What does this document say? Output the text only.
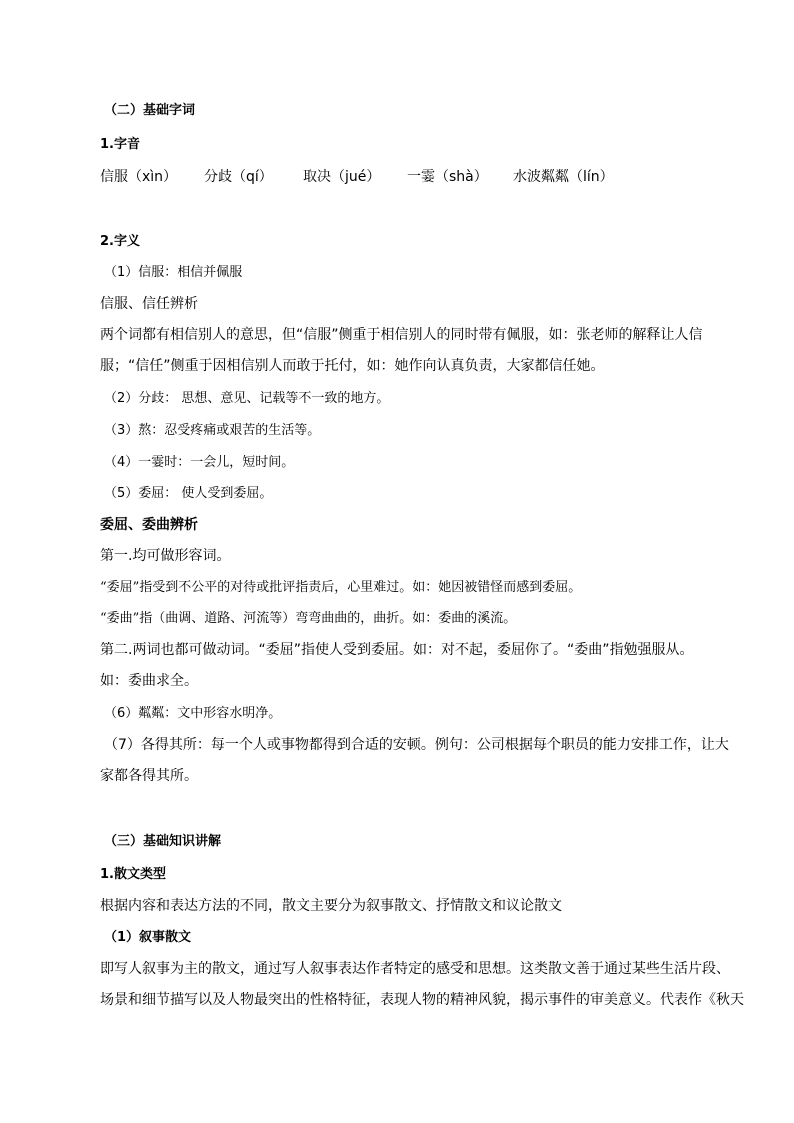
（二）基础字词
1.字音
信服（xìn） 分歧（qí） 取决（jué） 一霎（shà） 水波粼粼（lín）
2.字义
（1）信服：相信并佩服
信服、信任辨析
两个词都有相信别人的意思，但“信服”侧重于相信别人的同时带有佩服，如：张老师的解释让人信
服；“信任”侧重于因相信别人而敢于托付，如：她作向认真负责，大家都信任她。
（2）分歧： 思想、意见、记载等不一致的地方。
（3）熬：忍受疼痛或艰苦的生活等。
（4）一霎时：一会儿，短时间。
（5）委屈： 使人受到委屈。
委屈、委曲辨析
第一.均可做形容词。
“委屈”指受到不公平的对待或批评指责后，心里难过。如：她因被错怪而感到委屈。
“委曲”指（曲调、道路、河流等）弯弯曲曲的，曲折。如：委曲的溪流。
第二.两词也都可做动词。“委屈”指使人受到委屈。如：对不起，委屈你了。“委曲”指勉强服从。
如：委曲求全。
（6）粼粼：文中形容水明净。
（7）各得其所：每一个人或事物都得到合适的安顿。例句：公司根据每个职员的能力安排工作，让大
家都各得其所。
（三）基础知识讲解
1.散文类型
根据内容和表达方法的不同，散文主要分为叙事散文、抒情散文和议论散文
（1）叙事散文
即写人叙事为主的散文，通过写人叙事表达作者特定的感受和思想。这类散文善于通过某些生活片段、
场景和细节描写以及人物最突出的性格特征，表现人物的精神风貌，揭示事件的审美意义。代表作《秋天
